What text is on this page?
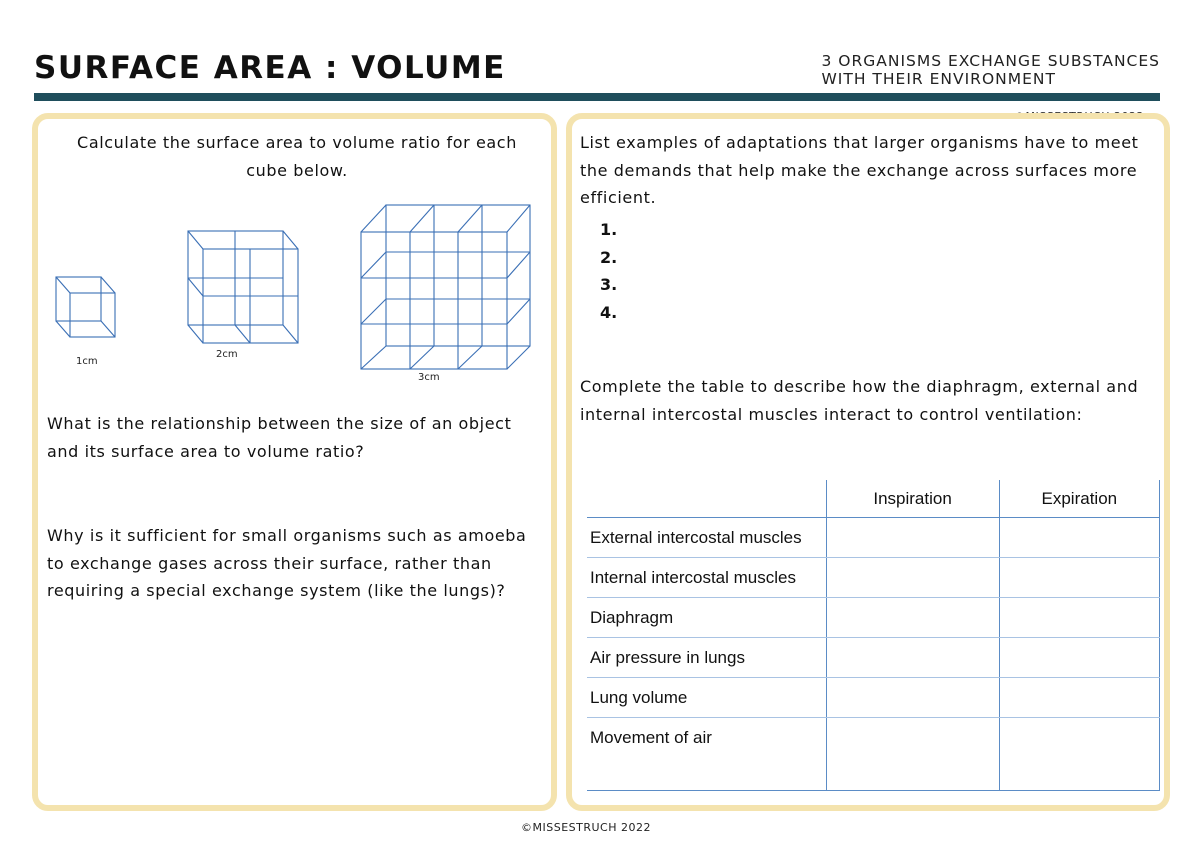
SURFACE AREA : VOLUME	3 ORGANISMS EXCHANGE SUBSTANCES
WITH THEIR ENVIRONMENT
Calculate the surface area to volume ratio for each cube below.
1cm
2cm
3cm
What is the relationship between the size of an object and its surface area to volume ratio?
Why is it sufficient for small organisms such as amoeba to exchange gases across their surface, rather than requiring a special exchange system (like the lungs)?
List examples of adaptations that larger organisms have to meet the demands that help make the exchange across surfaces more efficient.
1.
2.
3.
4.
Complete the table to describe how the diaphragm, external and internal intercostal muscles interact to control ventilation:
	Inspiration	Expiration
External intercostal muscles		
Internal intercostal muscles		
Diaphragm		
Air pressure in lungs		
Lung volume		
Movement of air		
©MISSESTRUCH 2022
